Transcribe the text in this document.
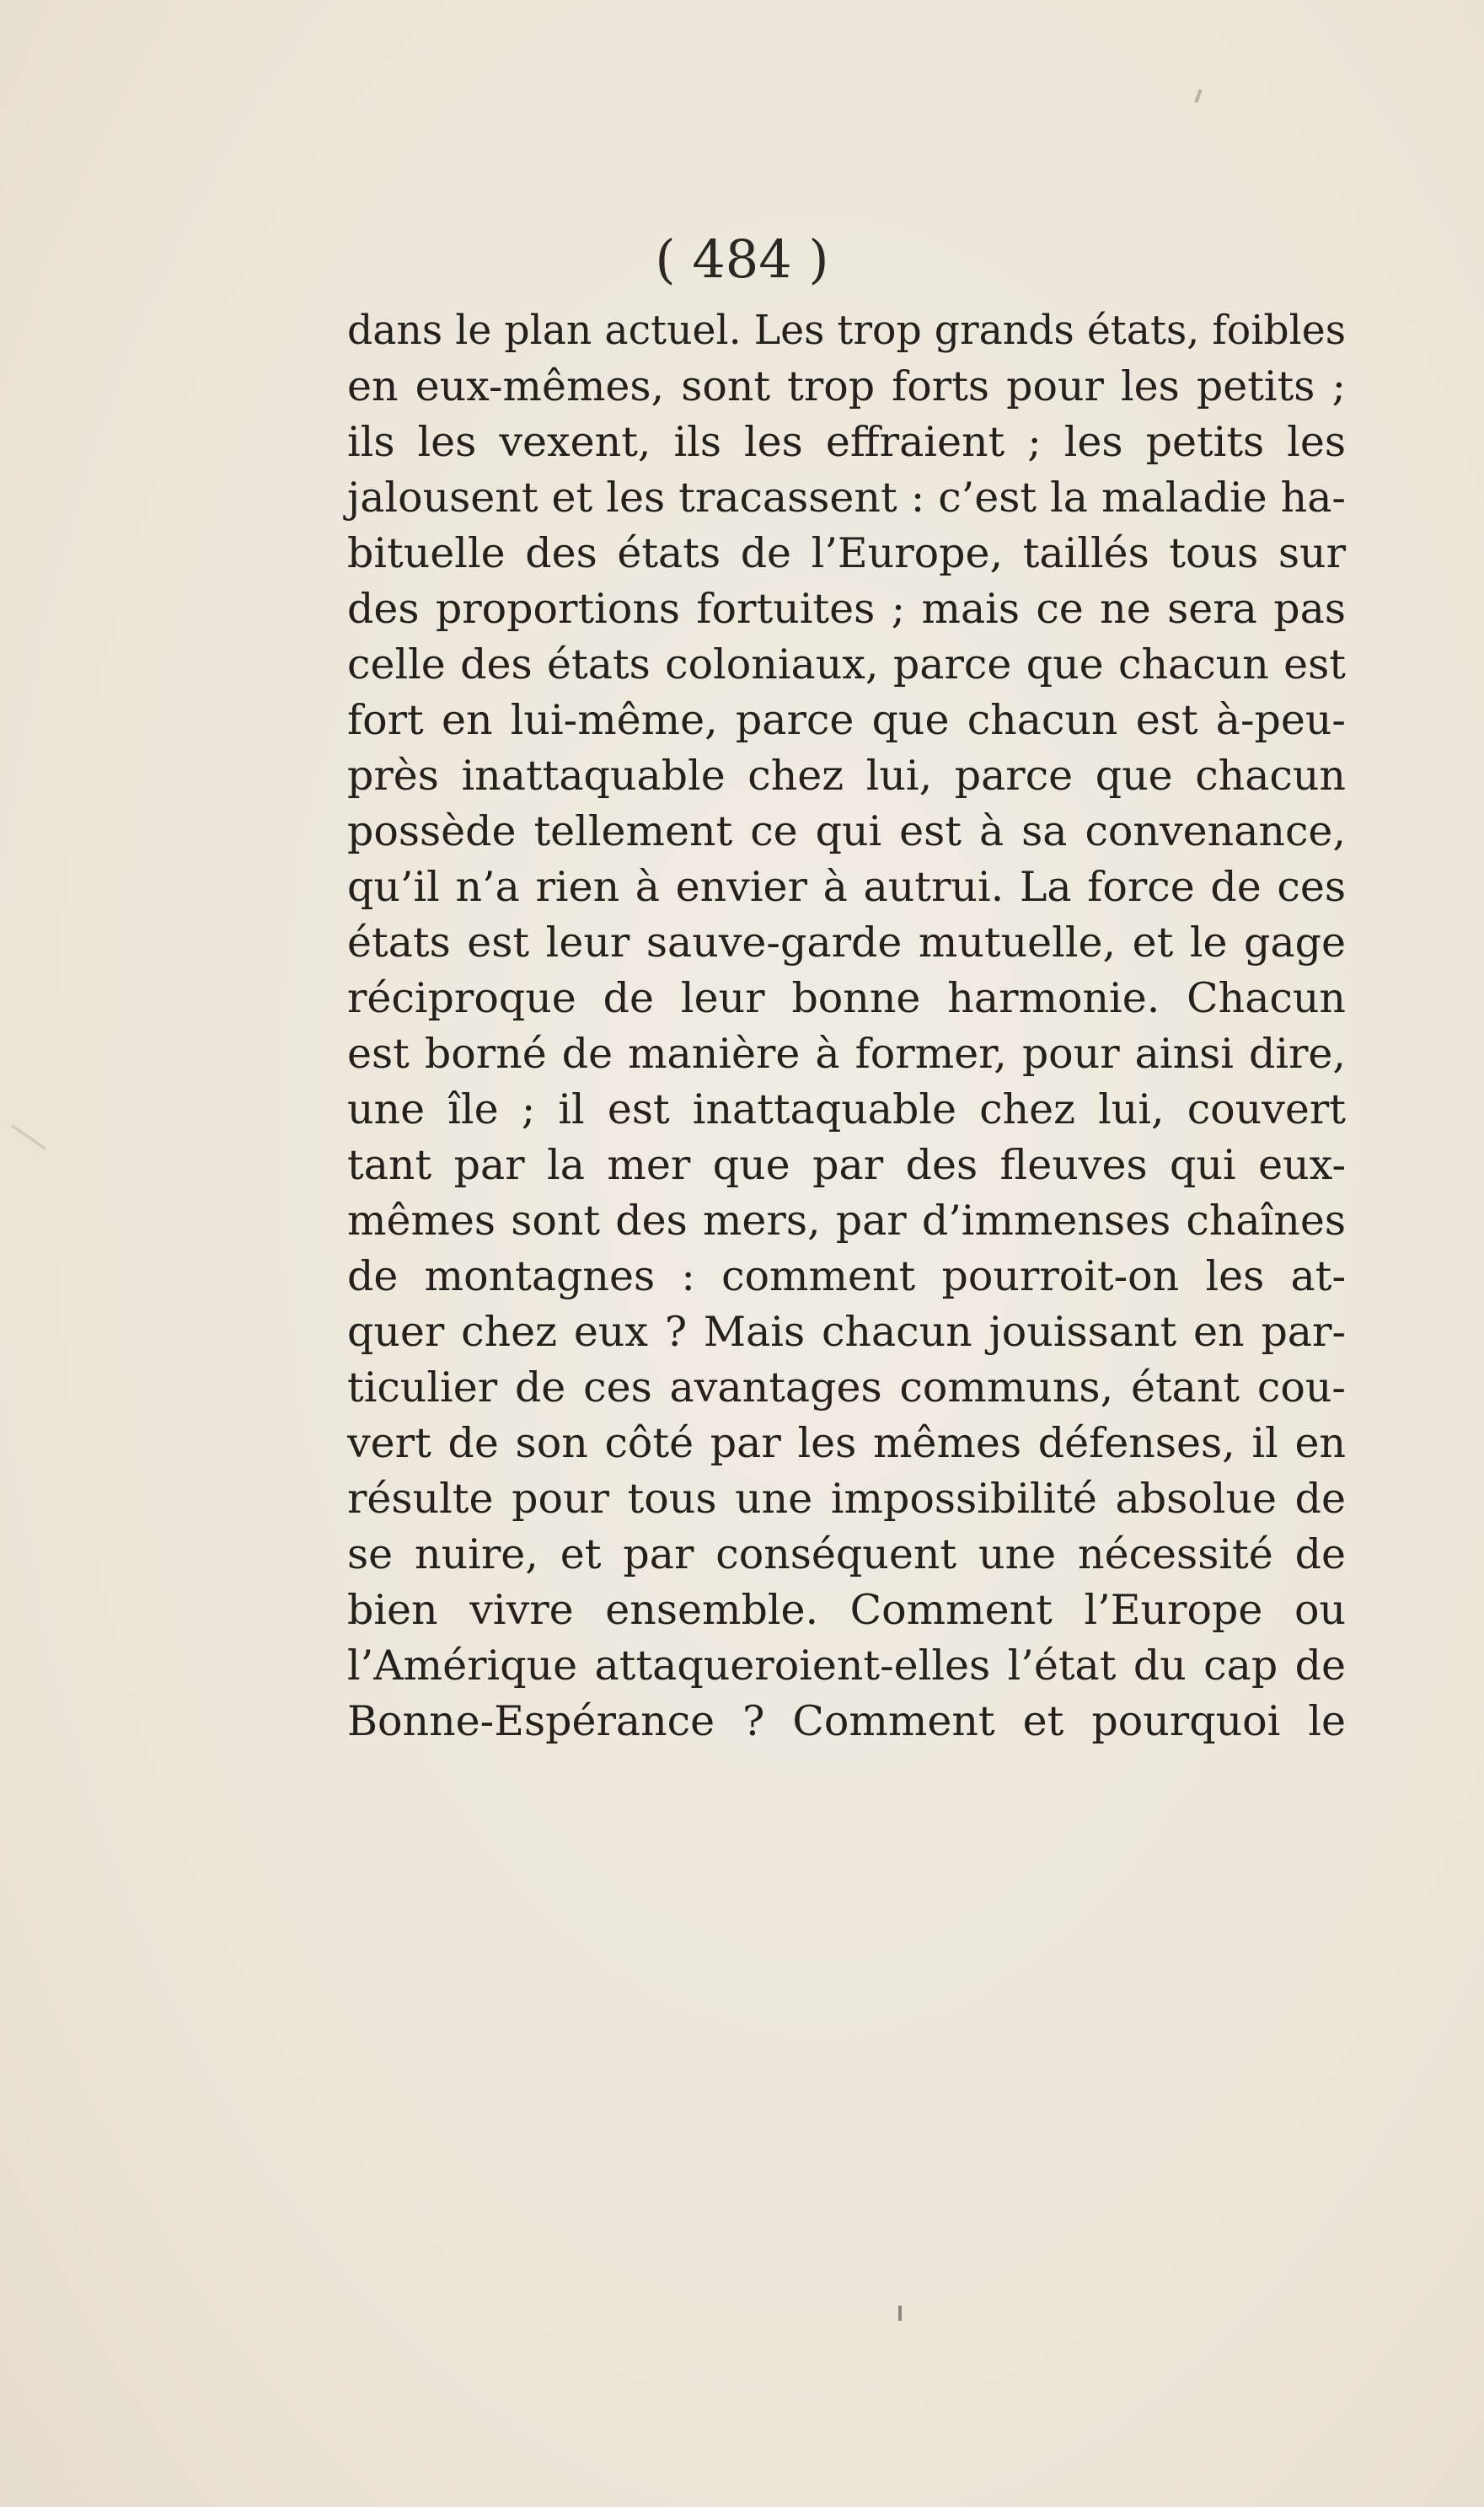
( 484 )
dans le plan actuel. Les trop grands états, foibles
en eux-mêmes, sont trop forts pour les petits ;
ils les vexent, ils les effraient ; les petits les
jalousent et les tracassent : c’est la maladie ha-
bituelle des états de l’Europe, taillés tous sur
des proportions fortuites ; mais ce ne sera pas
celle des états coloniaux, parce que chacun est
fort en lui-même, parce que chacun est à-peu-
près inattaquable chez lui, parce que chacun
possède tellement ce qui est à sa convenance,
qu’il n’a rien à envier à autrui. La force de ces
états est leur sauve-garde mutuelle, et le gage
réciproque de leur bonne harmonie. Chacun
est borné de manière à former, pour ainsi dire,
une île ; il est inattaquable chez lui, couvert
tant par la mer que par des fleuves qui eux-
mêmes sont des mers, par d’immenses chaînes
de montagnes : comment pourroit-on les at-
quer chez eux ? Mais chacun jouissant en par-
ticulier de ces avantages communs, étant cou-
vert de son côté par les mêmes défenses, il en
résulte pour tous une impossibilité absolue de
se nuire, et par conséquent une nécessité de
bien vivre ensemble. Comment l’Europe ou
l’Amérique attaqueroient-elles l’état du cap de
Bonne-Espérance ? Comment et pourquoi le
